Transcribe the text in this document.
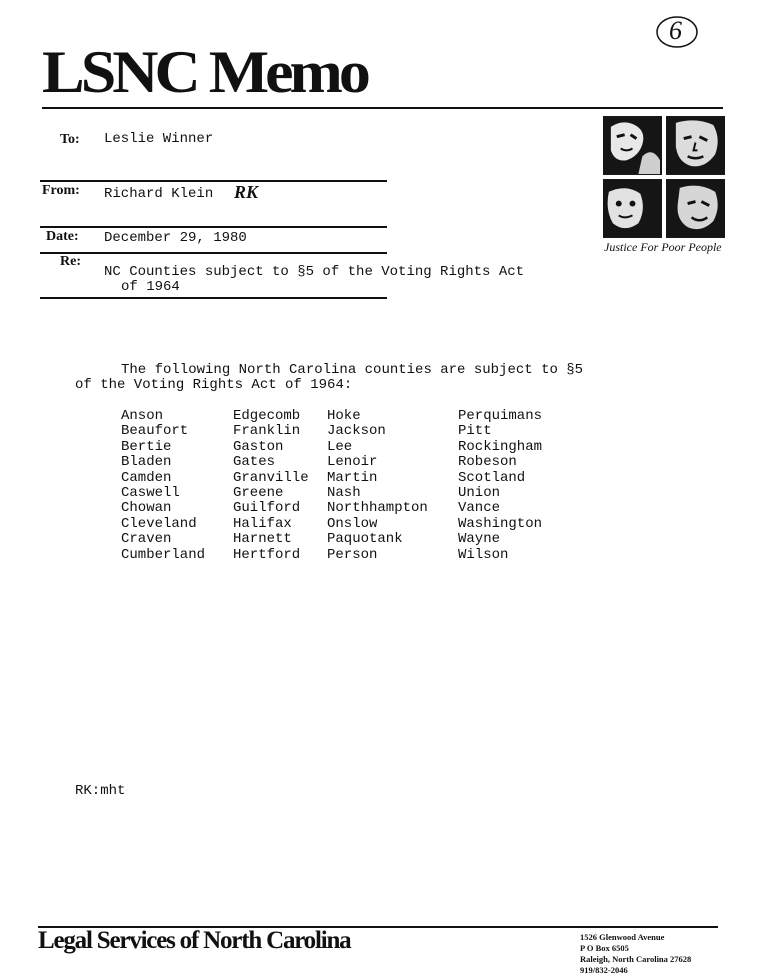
6
LSNC Memo
To: Leslie Winner
From: Richard Klein RK
Date: December 29, 1980
Re:
NC Counties subject to §5 of the Voting Rights Act
of 1964
Justice For Poor People
The following North Carolina counties are subject to §5
of the Voting Rights Act of 1964:
Anson	Edgecomb	Hoke	Perquimans
Beaufort	Franklin	Jackson	Pitt
Bertie	Gaston	Lee	Rockingham
Bladen	Gates	Lenoir	Robeson
Camden	Granville	Martin	Scotland
Caswell	Greene	Nash	Union
Chowan	Guilford	Northhampton	Vance
Cleveland	Halifax	Onslow	Washington
Craven	Harnett	Paquotank	Wayne
Cumberland	Hertford	Person	Wilson
RK:mht
Legal Services of North Carolina	1526 Glenwood Avenue
P O Box 6505
Raleigh, North Carolina 27628
919/832-2046
